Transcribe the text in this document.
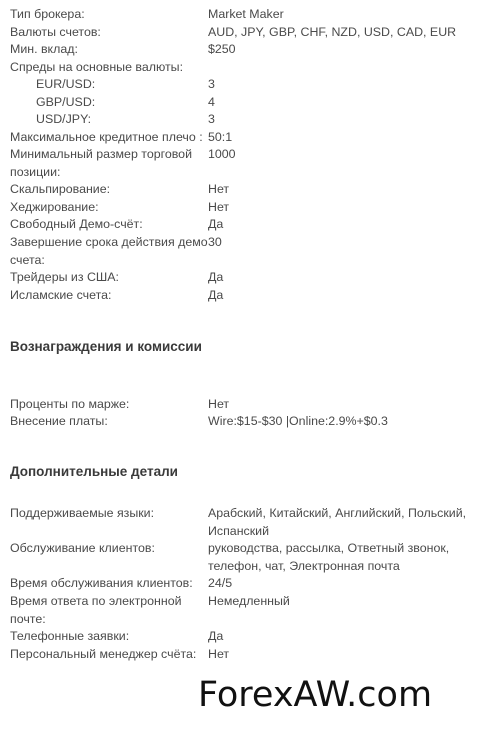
Тип брокера:	Market Maker
Валюты счетов:	AUD, JPY, GBP, CHF, NZD, USD, CAD, EUR
Мин. вклад:	$250
Спреды на основные валюты:
EUR/USD:	3
GBP/USD:	4
USD/JPY:	3
Максимальное кредитное плечо : 50:1
Минимальный размер торговой позиции:
1000
Скальпирование:	Нет
Хеджирование:	Нет
Свободный Демо-счёт:	Да
Завершение срока действия демо счета:
30
Трейдеры из США:	Да
Исламские счета:	Да
Вознаграждения и комиссии
Проценты по марже:	Нет
Внесение платы:	Wire:$15-$30 |Online:2.9%+$0.3
Дополнительные детали
Поддерживаемые языки:	Арабский, Китайский, Английский, Польский, Испанский
Обслуживание клиентов:	руководства, рассылка, Ответный звонок, телефон, чат, Электронная почта
Время обслуживания клиентов:	24/5
Время ответа по электронной почте:
Немедленный
Телефонные заявки:	Да
Персональный менеджер счёта: Нет
ForexAW.com
